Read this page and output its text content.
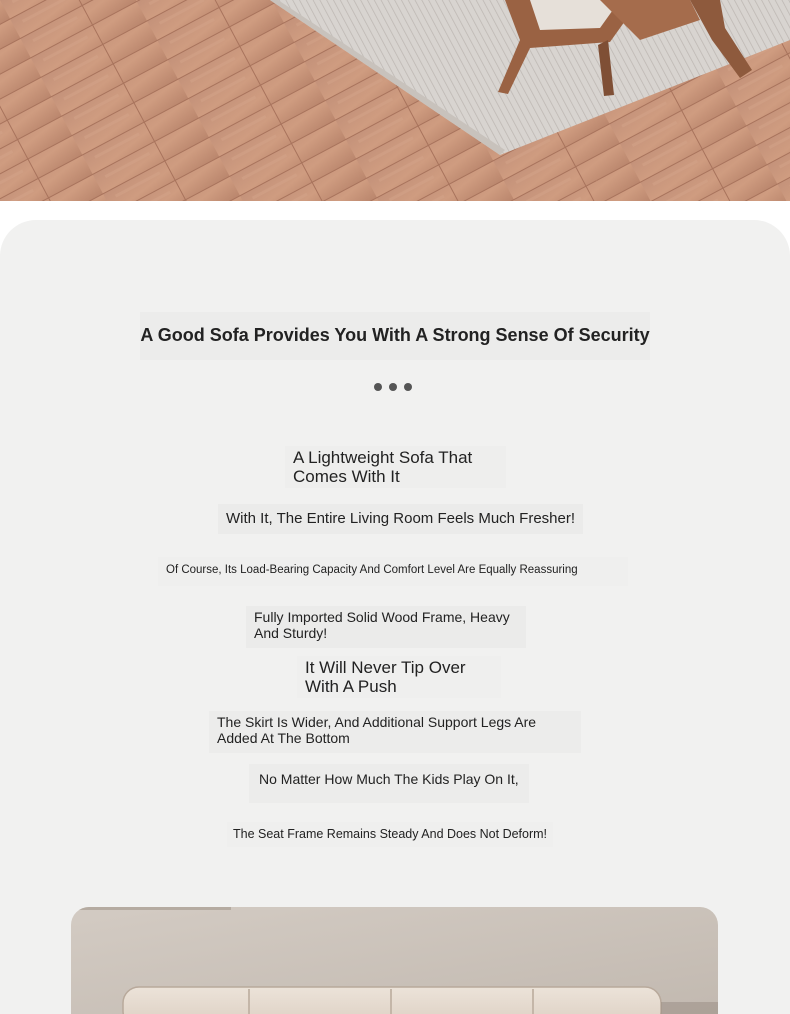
A Good Sofa Provides You With A Strong Sense Of Security

A Lightweight Sofa That Comes With It

With It, The Entire Living Room Feels Much Fresher!

Of Course, Its Load-Bearing Capacity And Comfort Level Are Equally Reassuring

Fully Imported Solid Wood Frame, Heavy And Sturdy!

It Will Never Tip Over With A Push

The Skirt Is Wider, And Additional Support Legs Are Added At The Bottom

No Matter How Much The Kids Play On It,

The Seat Frame Remains Steady And Does Not Deform!
